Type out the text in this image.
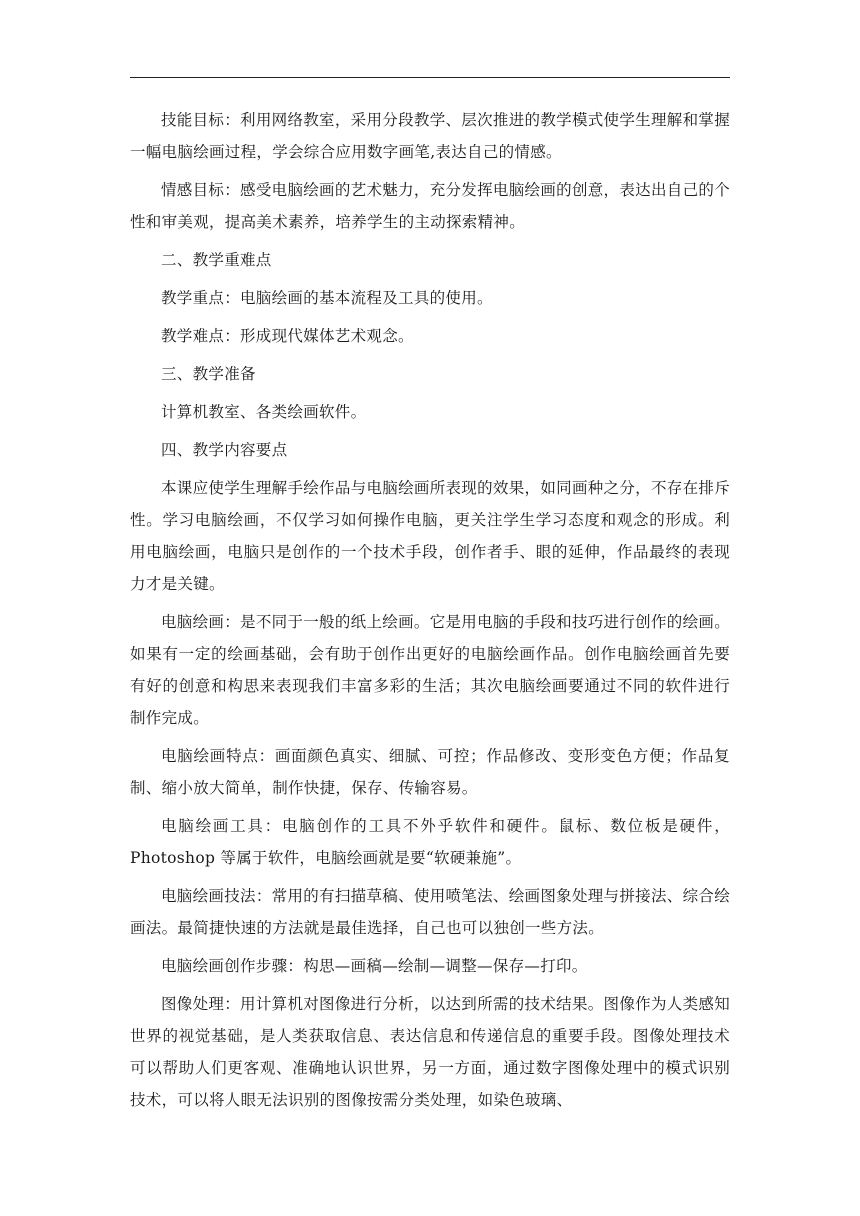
技能目标：利用网络教室，采用分段教学、层次推进的教学模式使学生理解和掌握一幅电脑绘画过程，学会综合应用数字画笔,表达自己的情感。

情感目标：感受电脑绘画的艺术魅力，充分发挥电脑绘画的创意，表达出自己的个性和审美观，提高美术素养，培养学生的主动探索精神。

二、教学重难点

教学重点：电脑绘画的基本流程及工具的使用。

教学难点：形成现代媒体艺术观念。

三、教学准备

计算机教室、各类绘画软件。

四、教学内容要点

本课应使学生理解手绘作品与电脑绘画所表现的效果，如同画种之分，不存在排斥性。学习电脑绘画，不仅学习如何操作电脑，更关注学生学习态度和观念的形成。利用电脑绘画，电脑只是创作的一个技术手段，创作者手、眼的延伸，作品最终的表现力才是关键。

电脑绘画：是不同于一般的纸上绘画。它是用电脑的手段和技巧进行创作的绘画。如果有一定的绘画基础，会有助于创作出更好的电脑绘画作品。创作电脑绘画首先要有好的创意和构思来表现我们丰富多彩的生活；其次电脑绘画要通过不同的软件进行制作完成。

电脑绘画特点：画面颜色真实、细腻、可控；作品修改、变形变色方便；作品复制、缩小放大简单，制作快捷，保存、传输容易。

电脑绘画工具：电脑创作的工具不外乎软件和硬件。鼠标、数位板是硬件，Photoshop 等属于软件，电脑绘画就是要“软硬兼施”。

电脑绘画技法：常用的有扫描草稿、使用喷笔法、绘画图象处理与拼接法、综合绘画法。最简捷快速的方法就是最佳选择，自己也可以独创一些方法。

电脑绘画创作步骤：构思—画稿—绘制—调整—保存—打印。

图像处理：用计算机对图像进行分析，以达到所需的技术结果。图像作为人类感知世界的视觉基础，是人类获取信息、表达信息和传递信息的重要手段。图像处理技术可以帮助人们更客观、准确地认识世界，另一方面，通过数字图像处理中的模式识别技术，可以将人眼无法识别的图像按需分类处理，如染色玻璃、
